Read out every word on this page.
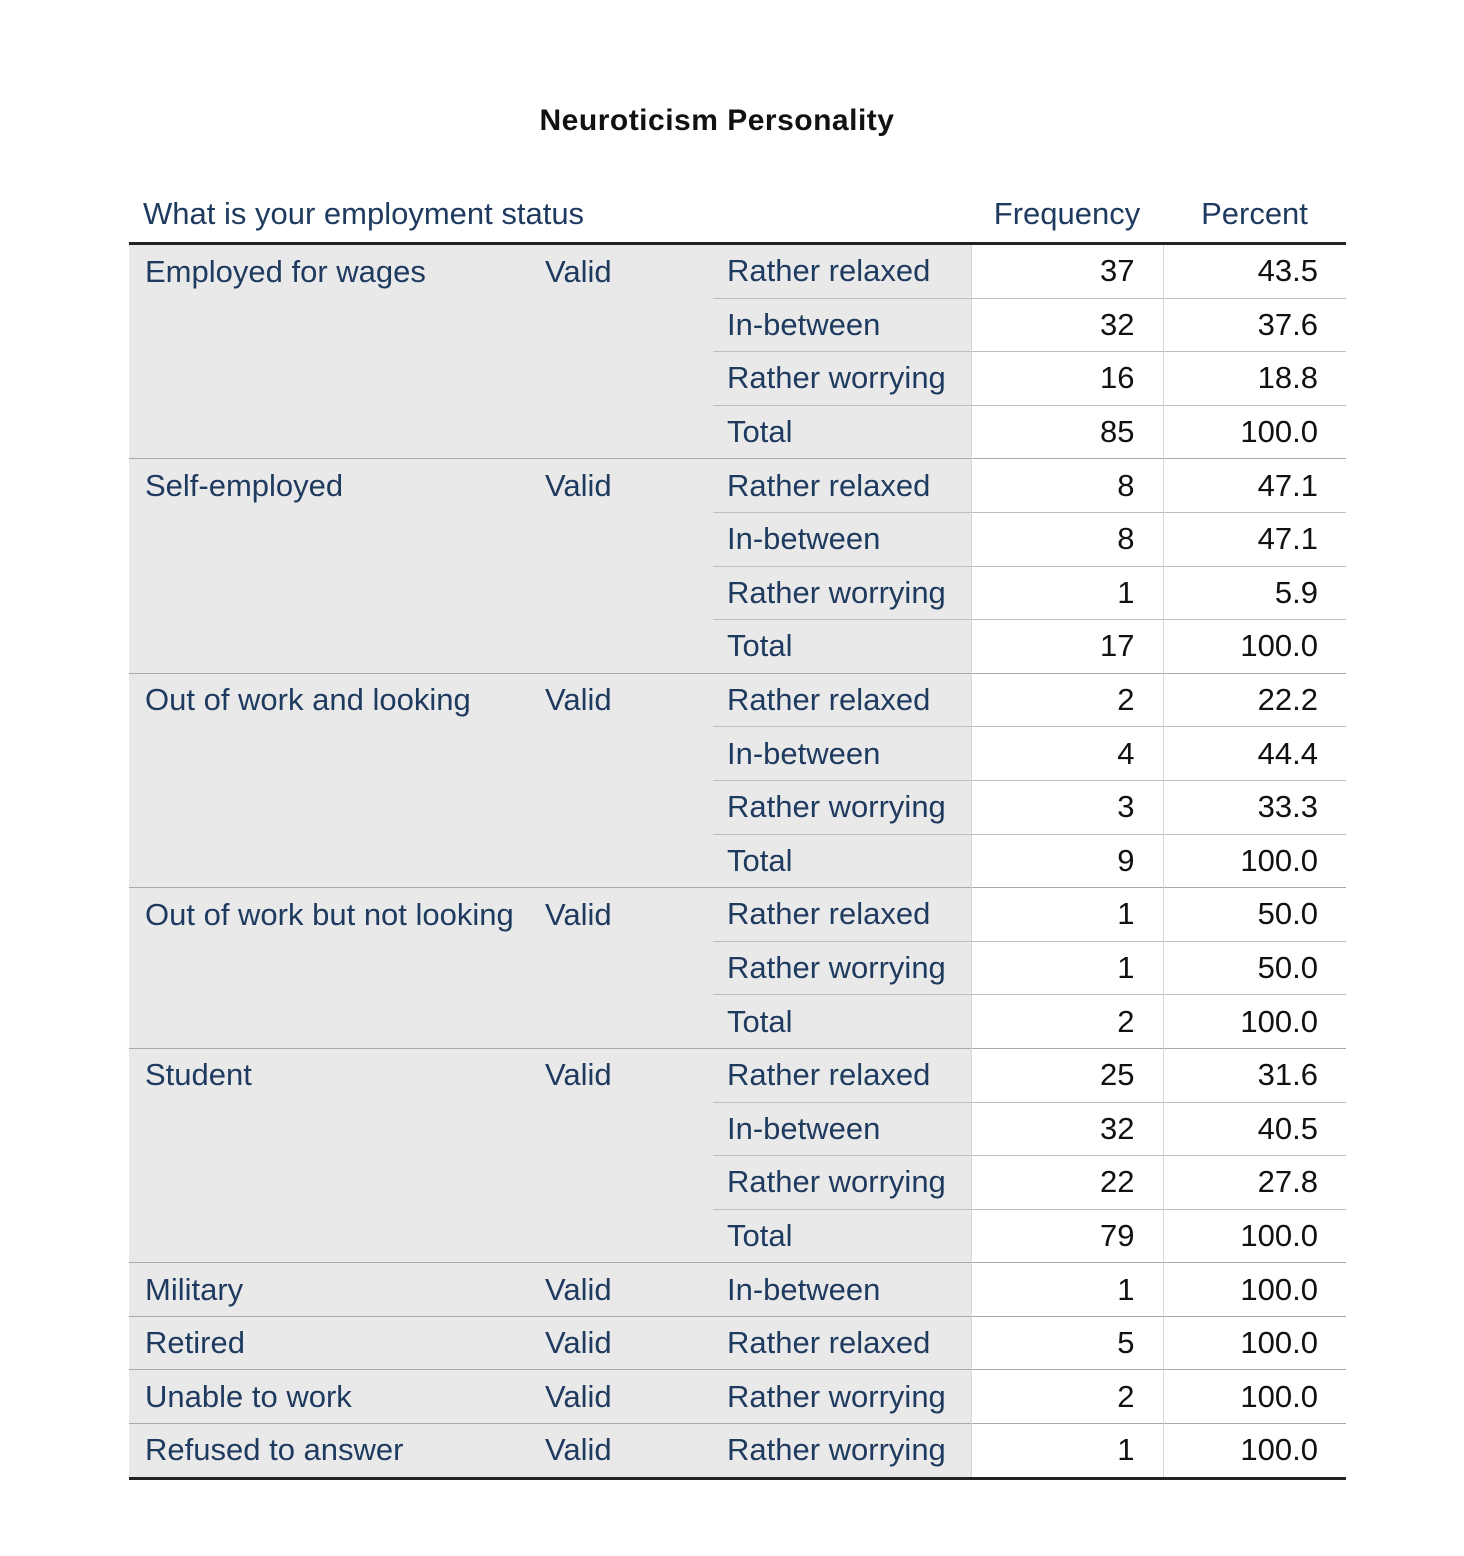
Neuroticism Personality
What is your employment status			Frequency	Percent
Employed for wages	Valid	Rather relaxed	37	43.5
		In-between	32	37.6
		Rather worrying	16	18.8
		Total	85	100.0
Self-employed	Valid	Rather relaxed	8	47.1
		In-between	8	47.1
		Rather worrying	1	5.9
		Total	17	100.0
Out of work and looking	Valid	Rather relaxed	2	22.2
		In-between	4	44.4
		Rather worrying	3	33.3
		Total	9	100.0
Out of work but not looking	Valid	Rather relaxed	1	50.0
		Rather worrying	1	50.0
		Total	2	100.0
Student	Valid	Rather relaxed	25	31.6
		In-between	32	40.5
		Rather worrying	22	27.8
		Total	79	100.0
Military	Valid	In-between	1	100.0
Retired	Valid	Rather relaxed	5	100.0
Unable to work	Valid	Rather worrying	2	100.0
Refused to answer	Valid	Rather worrying	1	100.0
